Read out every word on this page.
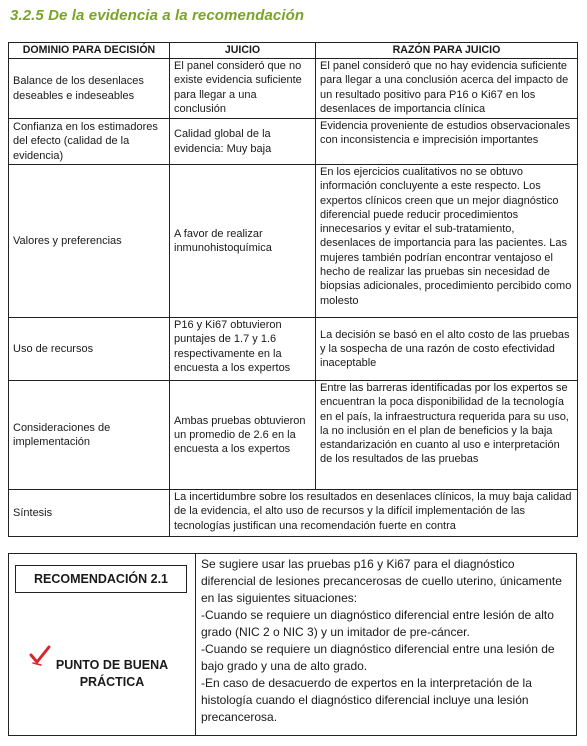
3.2.5 De la evidencia a la recomendación
DOMINIO PARA DECISIÓN	JUICIO	RAZÓN PARA JUICIO
Balance de los desenlaces deseables e indeseables	El panel consideró que no existe evidencia suficiente para llegar a una conclusión	El panel consideró que no hay evidencia suficiente para llegar a una conclusión acerca del impacto de un resultado positivo para P16 o Ki67 en los desenlaces de importancia clínica
Confianza en los estimadores del efecto (calidad de la evidencia)	Calidad global de la evidencia: Muy baja	Evidencia proveniente de estudios observacionales con inconsistencia e imprecisión importantes
Valores y preferencias	A favor de realizar inmunohistoquímica	En los ejercicios cualitativos no se obtuvo información concluyente a este respecto. Los expertos clínicos creen que un mejor diagnóstico diferencial puede reducir procedimientos innecesarios y evitar el sub-tratamiento, desenlaces de importancia para las pacientes. Las mujeres también podrían encontrar ventajoso el hecho de realizar las pruebas sin necesidad de biopsias adicionales, procedimiento percibido como molesto
Uso de recursos	P16 y Ki67 obtuvieron puntajes de 1.7 y 1.6 respectivamente en la encuesta a los expertos	La decisión se basó en el alto costo de las pruebas y la sospecha de una razón de costo efectividad inaceptable
Consideraciones de implementación	Ambas pruebas obtuvieron un promedio de 2.6 en la encuesta a los expertos	Entre las barreras identificadas por los expertos se encuentran la poca disponibilidad de la tecnología en el país, la infraestructura requerida para su uso, la no inclusión en el plan de beneficios y la baja estandarización en cuanto al uso e interpretación de los resultados de las pruebas
Síntesis	La incertidumbre sobre los resultados en desenlaces clínicos, la muy baja calidad de la evidencia, el alto uso de recursos y la difícil implementación de las tecnologías justifican una recomendación fuerte en contra	
RECOMENDACIÓN 2.1
PUNTO DE BUENA PRÁCTICA

Se sugiere usar las pruebas p16 y Ki67 para el diagnóstico diferencial de lesiones precancerosas de cuello uterino, únicamente en las siguientes situaciones:

-Cuando se requiere un diagnóstico diferencial entre lesión de alto grado (NIC 2 o NIC 3) y un imitador de pre-cáncer.

-Cuando se requiere un diagnóstico diferencial entre una lesión de bajo grado y una de alto grado.

-En caso de desacuerdo de expertos en la interpretación de la histología cuando el diagnóstico diferencial incluye una lesión precancerosa.
